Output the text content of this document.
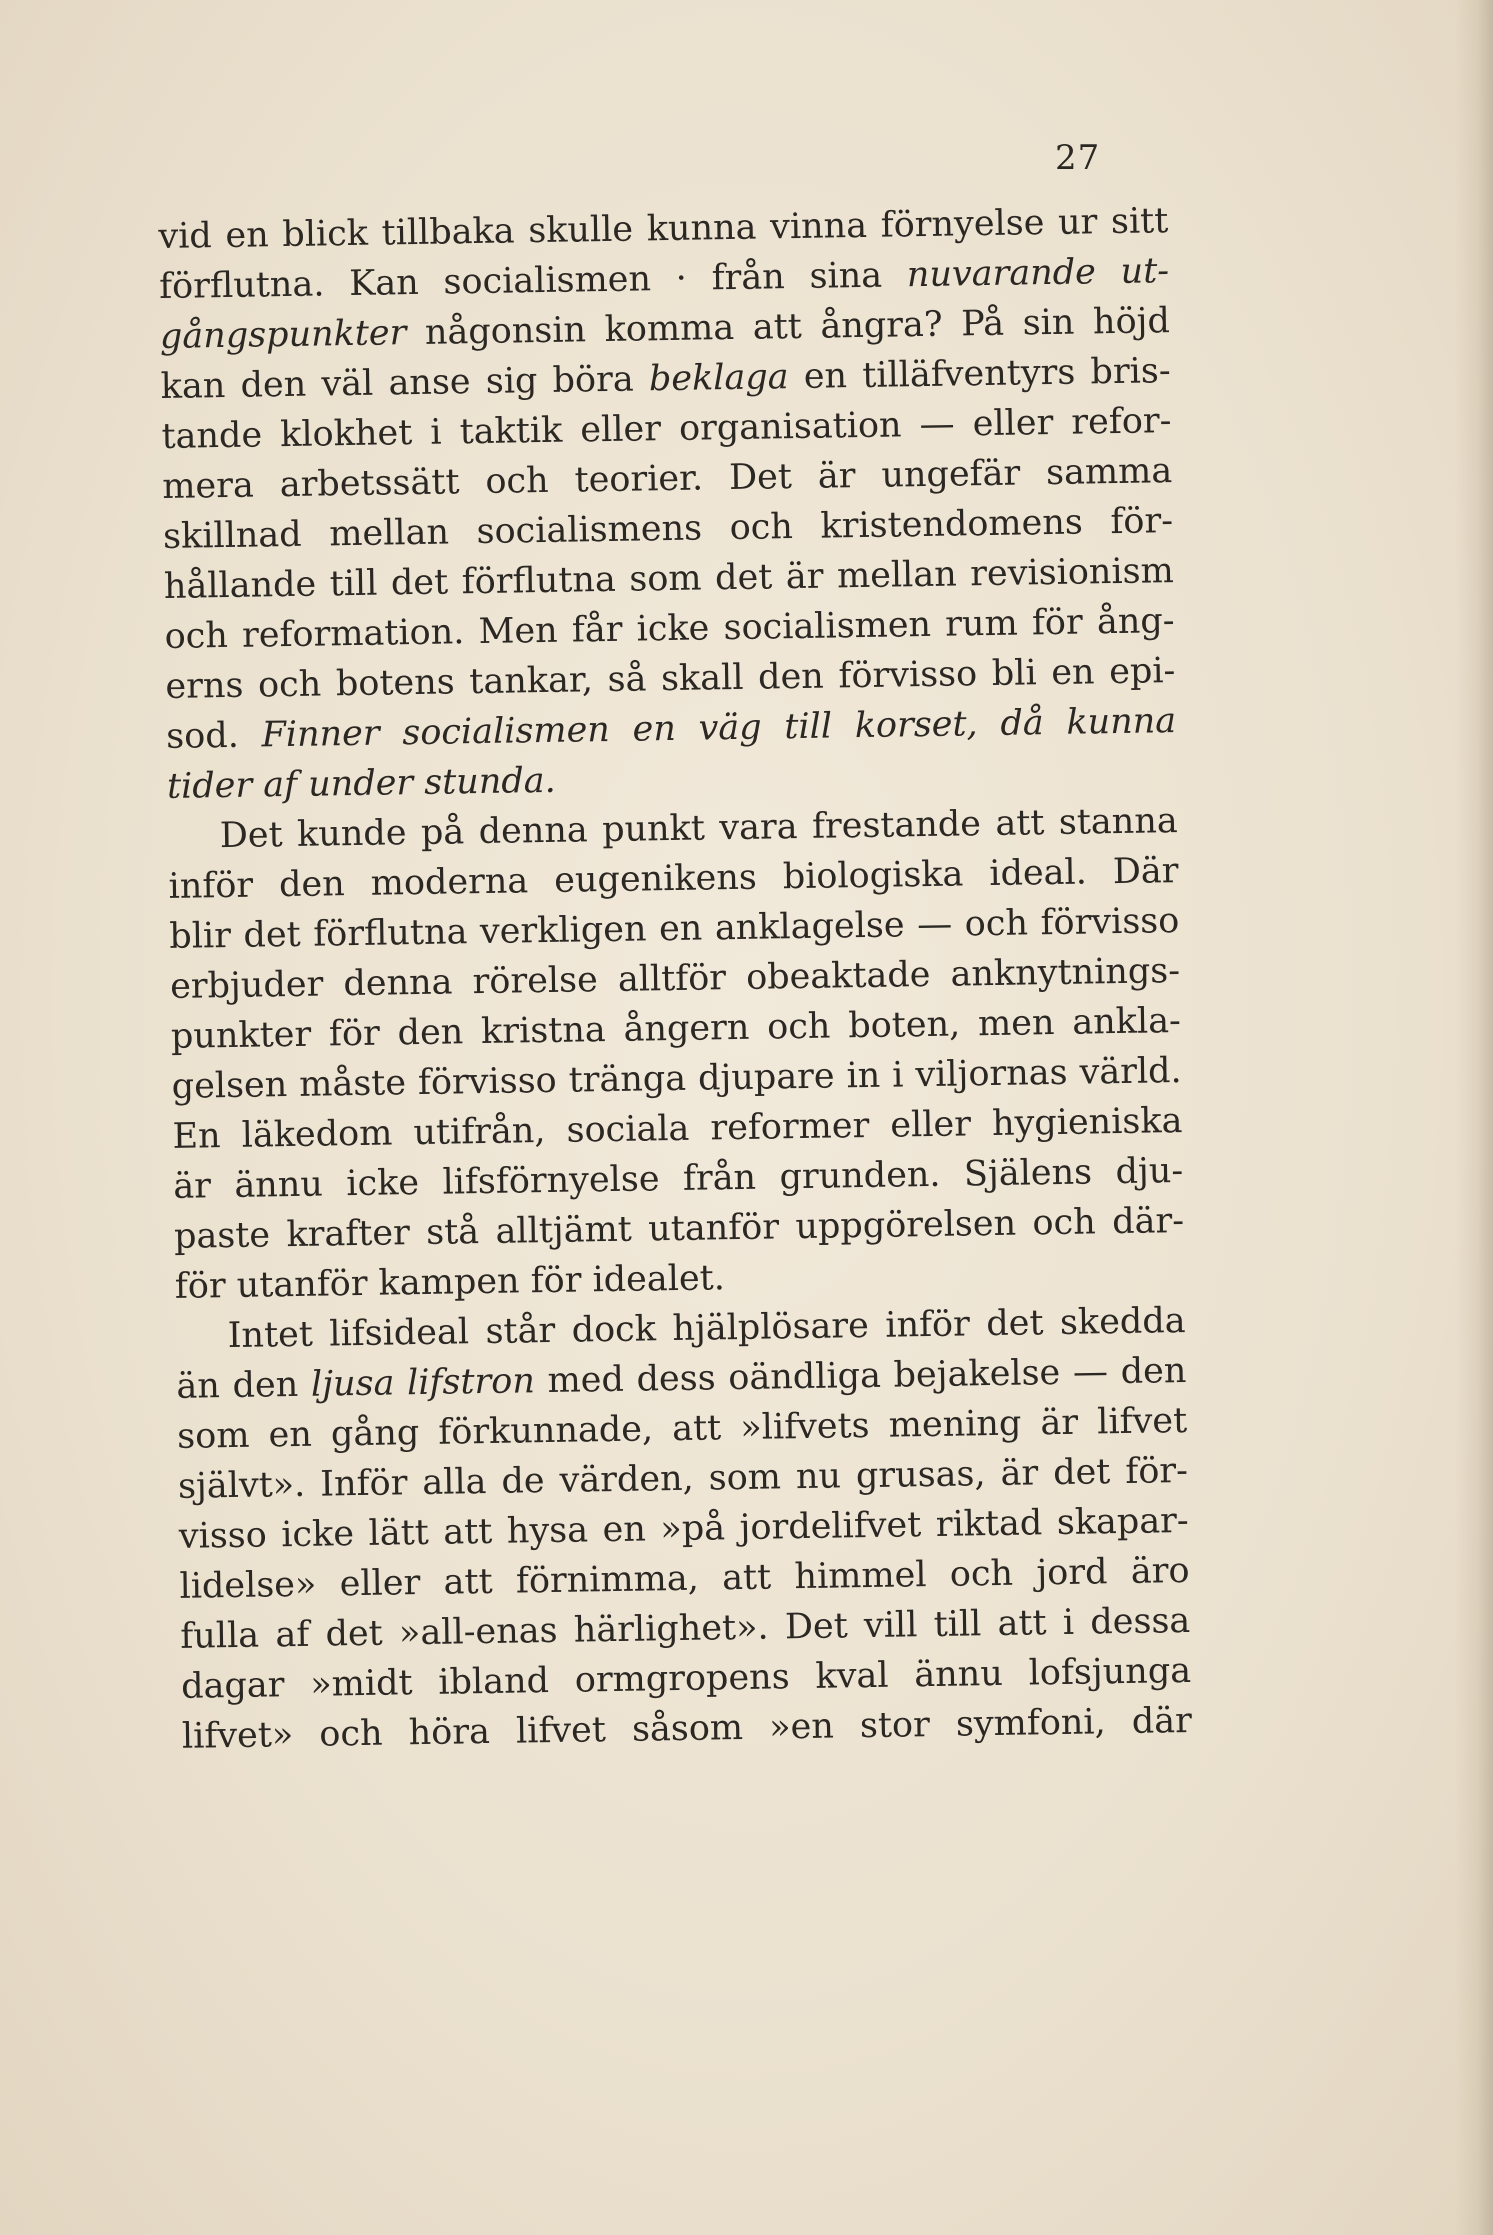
27
vid en blick tillbaka skulle kunna vinna förnyelse ur sitt
förflutna. Kan socialismen · från sina nuvarande ut-
gångspunkter någonsin komma att ångra? På sin höjd
kan den väl anse sig böra beklaga en tilläfventyrs bris-
tande klokhet i taktik eller organisation — eller refor-
mera arbetssätt och teorier. Det är ungefär samma
skillnad mellan socialismens och kristendomens för-
hållande till det förflutna som det är mellan revisionism
och reformation. Men får icke socialismen rum för ång-
erns och botens tankar, så skall den förvisso bli en epi-
sod. Finner socialismen en väg till korset, då kunna
tider af under stunda.
Det kunde på denna punkt vara frestande att stanna
inför den moderna eugenikens biologiska ideal. Där
blir det förflutna verkligen en anklagelse — och förvisso
erbjuder denna rörelse alltför obeaktade anknytnings-
punkter för den kristna ångern och boten, men ankla-
gelsen måste förvisso tränga djupare in i viljornas värld.
En läkedom utifrån, sociala reformer eller hygieniska
är ännu icke lifsförnyelse från grunden. Själens dju-
paste krafter stå alltjämt utanför uppgörelsen och där-
för utanför kampen för idealet.
Intet lifsideal står dock hjälplösare inför det skedda
än den ljusa lifstron med dess oändliga bejakelse — den
som en gång förkunnade, att »lifvets mening är lifvet
självt». Inför alla de värden, som nu grusas, är det för-
visso icke lätt att hysa en »på jordelifvet riktad skapar-
lidelse» eller att förnimma, att himmel och jord äro
fulla af det »all-enas härlighet». Det vill till att i dessa
dagar »midt ibland ormgropens kval ännu lofsjunga
lifvet» och höra lifvet såsom »en stor symfoni, där
